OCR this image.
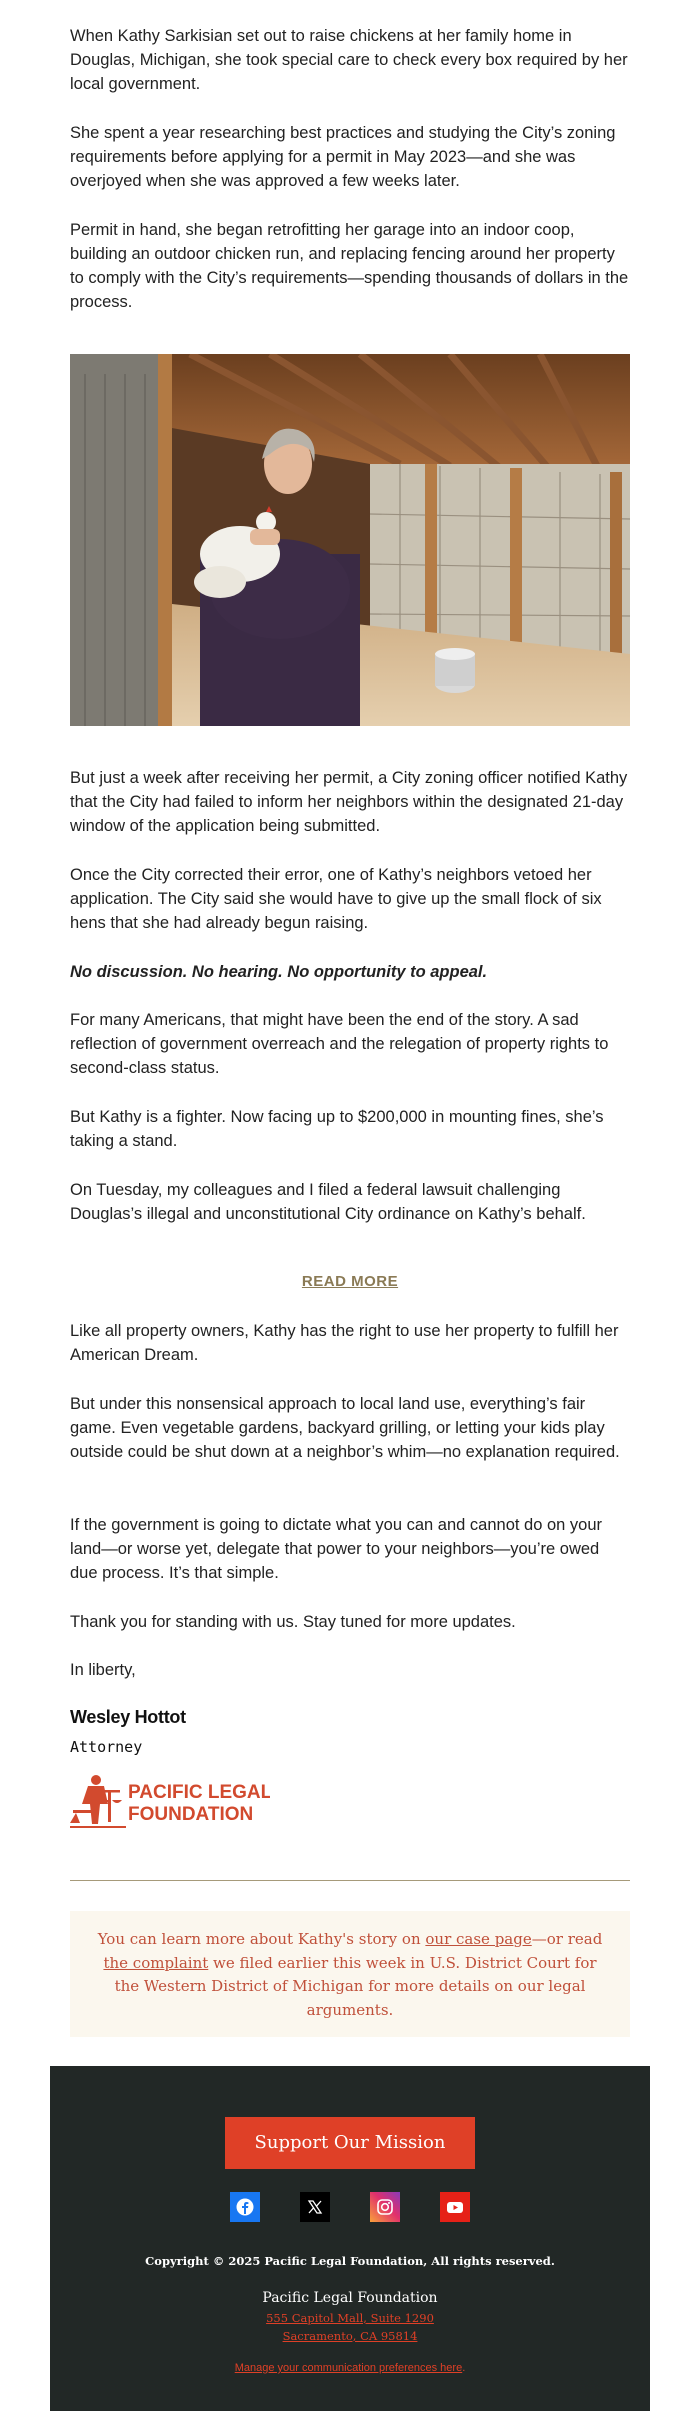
When Kathy Sarkisian set out to raise chickens at her family home in Douglas, Michigan, she took special care to check every box required by her local government.

She spent a year researching best practices and studying the City’s zoning requirements before applying for a permit in May 2023—and she was overjoyed when she was approved a few weeks later.

Permit in hand, she began retrofitting her garage into an indoor coop, building an outdoor chicken run, and replacing fencing around her property to comply with the City’s requirements—spending thousands of dollars in the process.

But just a week after receiving her permit, a City zoning officer notified Kathy that the City had failed to inform her neighbors within the designated 21-day window of the application being submitted.

Once the City corrected their error, one of Kathy’s neighbors vetoed her application. The City said she would have to give up the small flock of six hens that she had already begun raising.

No discussion. No hearing. No opportunity to appeal.

For many Americans, that might have been the end of the story. A sad reflection of government overreach and the relegation of property rights to second-class status.

But Kathy is a fighter. Now facing up to $200,000 in mounting fines, she’s taking a stand.

On Tuesday, my colleagues and I filed a federal lawsuit challenging Douglas’s illegal and unconstitutional City ordinance on Kathy’s behalf.

READ MORE

Like all property owners, Kathy has the right to use her property to fulfill her American Dream.

But under this nonsensical approach to local land use, everything’s fair game. Even vegetable gardens, backyard grilling, or letting your kids play outside could be shut down at a neighbor’s whim—no explanation required.

If the government is going to dictate what you can and cannot do on your land—or worse yet, delegate that power to your neighbors—you’re owed due process. It’s that simple.

Thank you for standing with us. Stay tuned for more updates.

In liberty,

Wesley Hottot
Attorney
PACIFIC LEGAL
FOUNDATION
You can learn more about Kathy's story on our case page—or read the complaint we filed earlier this week in U.S. District Court for the Western District of Michigan for more details on our legal arguments.
Support Our Mission
Copyright © 2025 Pacific Legal Foundation, All rights reserved.
Pacific Legal Foundation
555 Capitol Mall, Suite 1290
Sacramento, CA 95814
Manage your communication preferences here.
